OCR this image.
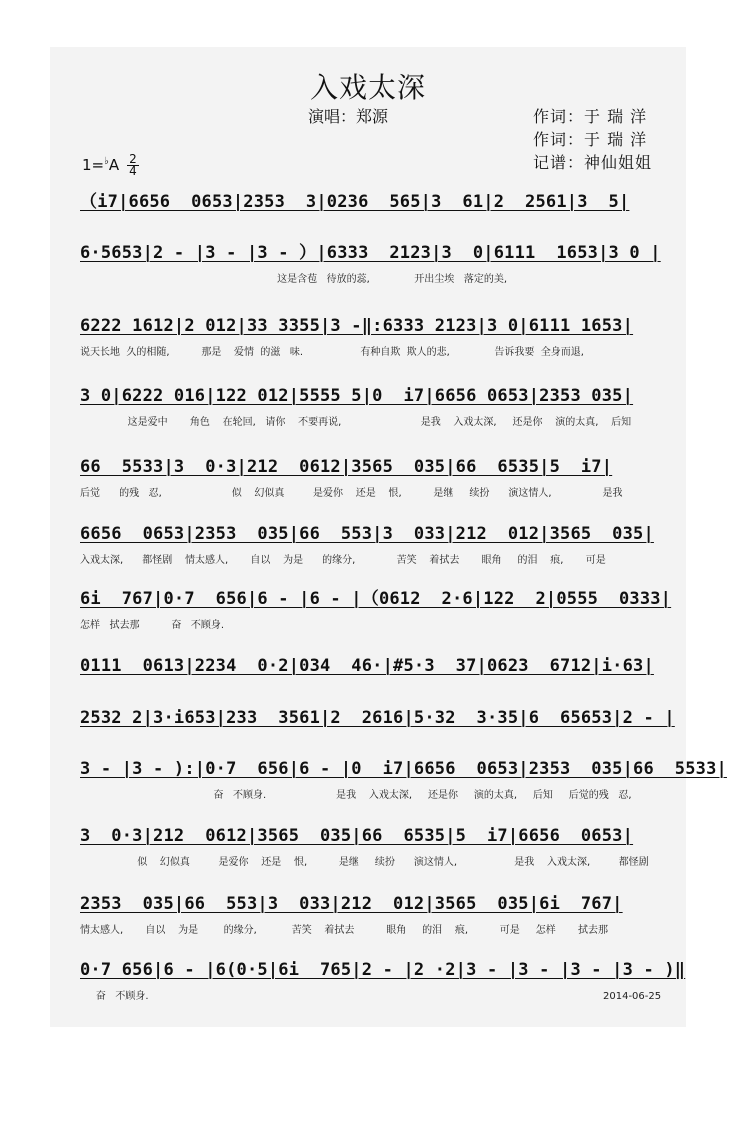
入戏太深
演唱：郑源	作词：于 瑞 洋
作词：于 瑞 洋
记谱：神仙姐姐
1=♭A 2
4
（i7|6656  0653|2353  3|0236  565|3  61|2  2561|3  5|
6·5653|2 - |3 - |3 - ）|6333  2123|3  0|6111  1653|3 0 |
这是含苞   待放的蕊,              开出尘埃   落定的美,
6222 1612|2 012|33 3355|3 -‖:6333 2123|3 0|6111 1653|
说天长地  久的相随,          那是    爱情  的滋   味.                  有种自欺  欺人的悲,              告诉我要  全身而退,
3 0|6222 016|122 012|5555 5|0  i7|6656 0653|2353 035|
这是爱中       角色    在轮回,   请你    不要再说,                         是我    入戏太深,     还是你    演的太真,    后知
66  5533|3  0·3|212  0612|3565  035|66  6535|5  i7|
后觉      的残   忍,                      似    幻似真         是爱你    还是    恨,          是继     续扮      演这情人,                是我
6656  0653|2353  035|66  553|3  033|212  012|3565  035|
入戏太深,      都怪剧    情太感人,       自以    为是      的缘分,             苦笑    着拭去       眼角     的泪    痕,       可是
6i  767|0·7  656|6 - |6 - |（0612  2·6|122  2|0555  0333|
怎样   拭去那          奋   不顾身.
0111  0613|2234  0·2|034  46·|#5·3  37|0623  6712|i·63|
2532 2|3·i653|233  3561|2  2616|5·32  3·35|6  65653|2 - |
3 - |3 - ):|0·7  656|6 - |0  i7|6656  0653|2353  035|66  5533|
奋   不顾身.                      是我    入戏太深,     还是你     演的太真,     后知     后觉的残   忍,
3  0·3|212  0612|3565  035|66  6535|5  i7|6656  0653|
似    幻似真         是爱你    还是    恨,          是继     续扮      演这情人,                  是我    入戏太深,         都怪剧
2353  035|66  553|3  033|212  012|3565  035|6i  767|
情太感人,       自以    为是        的缘分,           苦笑    着拭去          眼角     的泪    痕,          可是     怎样       拭去那
0·7 656|6 - |6(0·5|6i  765|2 - |2 ·2|3 - |3 - |3 - |3 - )‖
奋   不顾身.	2014-06-25
